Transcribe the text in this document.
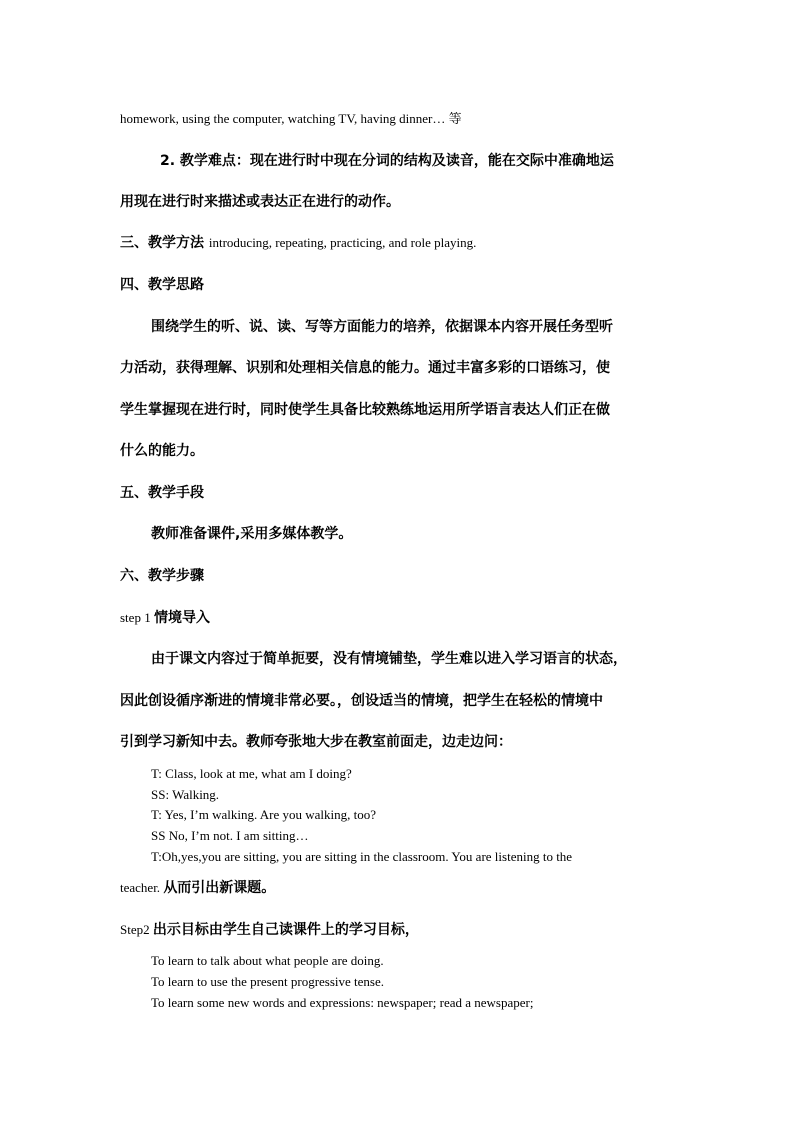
homework, using the computer, watching TV, having dinner… 等
2. 教学难点：现在进行时中现在分词的结构及读音，能在交际中准确地运
用现在进行时来描述或表达正在进行的动作。
三、教学方法 introducing, repeating, practicing, and role playing.
四、教学思路
围绕学生的听、说、读、写等方面能力的培养，依据课本内容开展任务型听
力活动，获得理解、识别和处理相关信息的能力。通过丰富多彩的口语练习，使
学生掌握现在进行时，同时使学生具备比较熟练地运用所学语言表达人们正在做
什么的能力。
五、教学手段
教师准备课件,采用多媒体教学。
六、教学步骤
step 1 情境导入
由于课文内容过于简单扼要，没有情境铺垫，学生难以进入学习语言的状态，
因此创设循序渐进的情境非常必要。，创设适当的情境，把学生在轻松的情境中
引到学习新知中去。教师夸张地大步在教室前面走，边走边问：
T: Class, look at me, what am I doing?
SS: Walking.
T: Yes, I’m walking. Are you walking, too?
SS No, I’m not. I am sitting…
T:Oh,yes,you are sitting, you are sitting in the classroom. You are listening to the
teacher. 从而引出新课题。
Step2 出示目标由学生自己读课件上的学习目标，
To learn to talk about what people are doing.
To learn to use the present progressive tense.
To learn some new words and expressions: newspaper; read a newspaper;
